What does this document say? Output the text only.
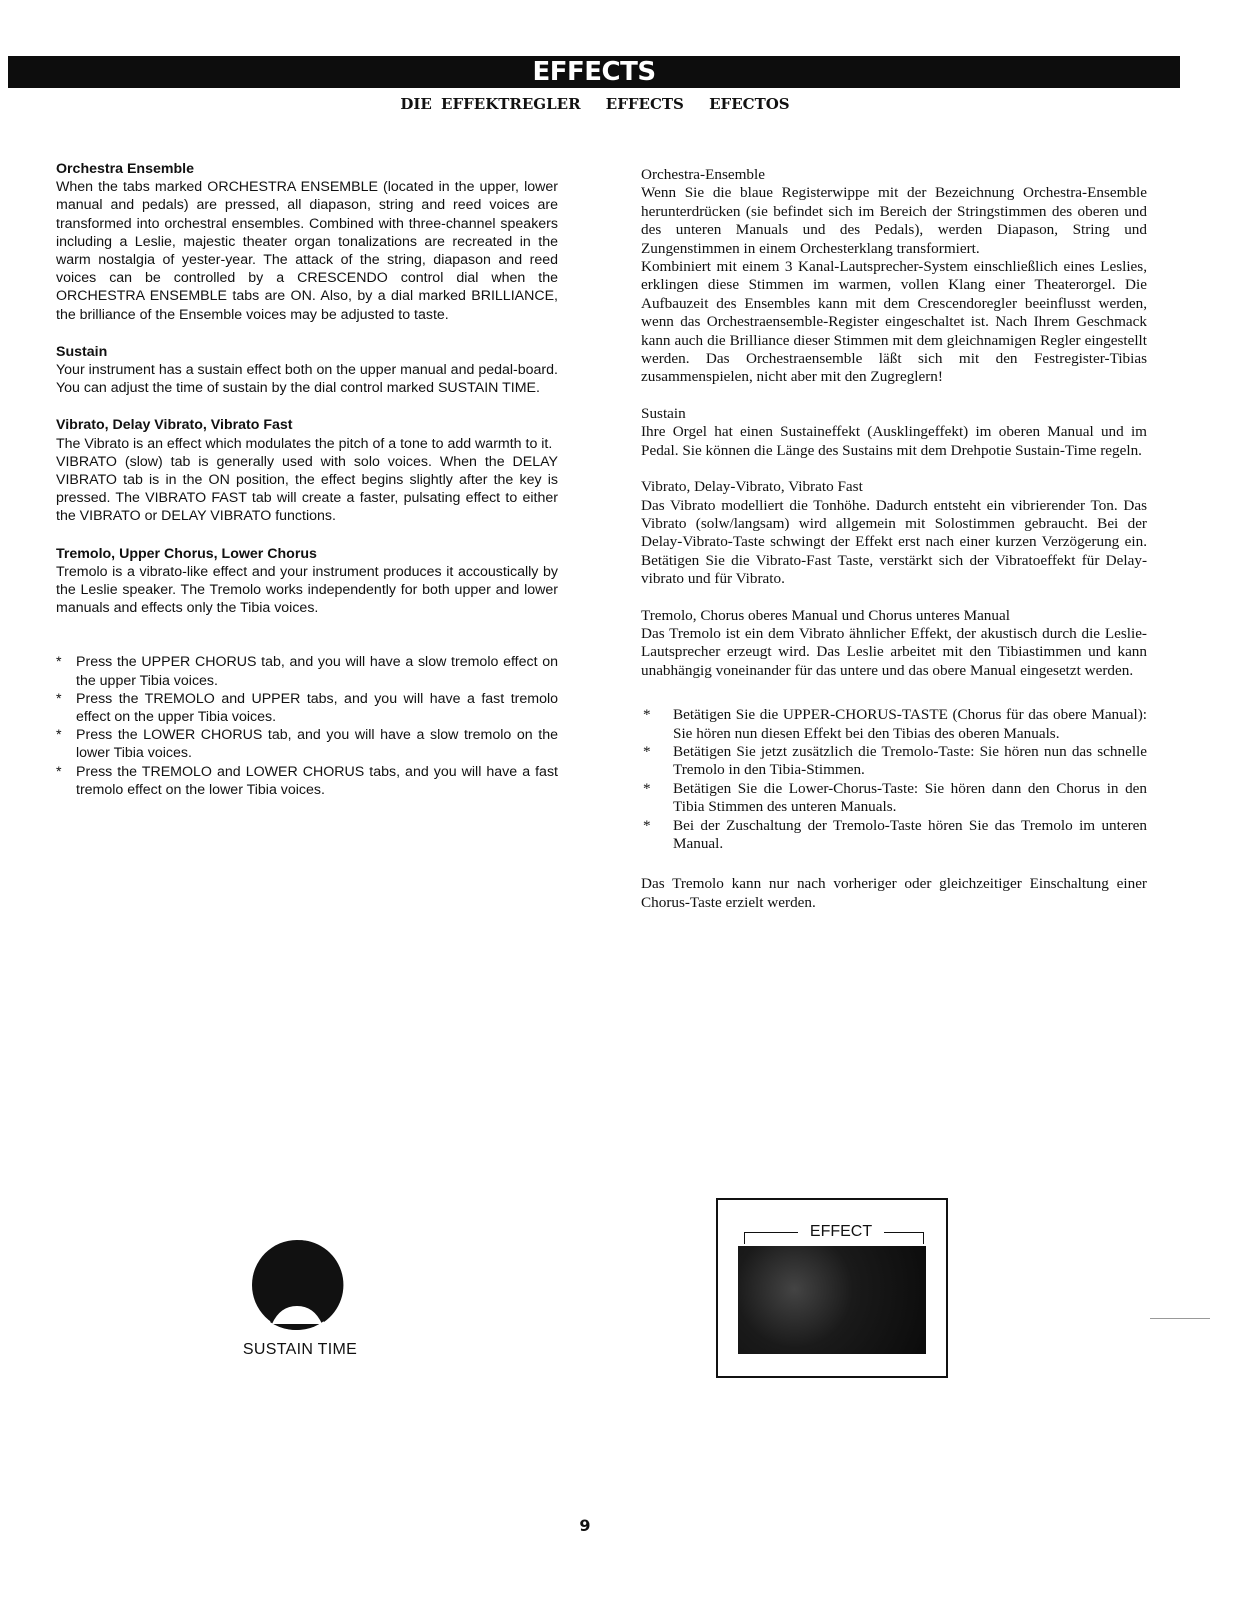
EFFECTS
DIE EFFEKTREGLER EFFECTS EFECTOS
Orchestra Ensemble

When the tabs marked ORCHESTRA ENSEMBLE (located in the upper, lower manual and pedals) are pressed, all diapason, string and reed voices are transformed into orchestral ensembles. Combined with three-channel speakers including a Leslie, majestic theater organ tonalizations are recreated in the warm nostalgia of yester-year. The attack of the string, diapason and reed voices can be controlled by a CRESCENDO control dial when the ORCHESTRA ENSEMBLE tabs are ON. Also, by a dial marked BRILLIANCE, the brilliance of the Ensemble voices may be adjusted to taste.

Sustain

Your instrument has a sustain effect both on the upper manual and pedal-board. You can adjust the time of sustain by the dial control marked SUSTAIN TIME.

Vibrato, Delay Vibrato, Vibrato Fast

The Vibrato is an effect which modulates the pitch of a tone to add warmth to it.

VIBRATO (slow) tab is generally used with solo voices. When the DELAY VIBRATO tab is in the ON position, the effect begins slightly after the key is pressed. The VIBRATO FAST tab will create a faster, pulsating effect to either the VIBRATO or DELAY VIBRATO functions.

Tremolo, Upper Chorus, Lower Chorus

Tremolo is a vibrato-like effect and your instrument produces it accoustically by the Leslie speaker. The Tremolo works independently for both upper and lower manuals and effects only the Tibia voices.

* Press the UPPER CHORUS tab, and you will have a slow tremolo effect on the upper Tibia voices.
* Press the TREMOLO and UPPER tabs, and you will have a fast tremolo effect on the upper Tibia voices.
* Press the LOWER CHORUS tab, and you will have a slow tremolo on the lower Tibia voices.
* Press the TREMOLO and LOWER CHORUS tabs, and you will have a fast tremolo effect on the lower Tibia voices.
Orchestra-Ensemble

Wenn Sie die blaue Registerwippe mit der Bezeichnung Orchestra-Ensemble herunterdrücken (sie befindet sich im Bereich der Stringstimmen des oberen und des unteren Manuals und des Pedals), werden Diapason, String und Zungenstimmen in einem Orchesterklang transformiert.

Kombiniert mit einem 3 Kanal-Lautsprecher-System einschließlich eines Leslies, erklingen diese Stimmen im warmen, vollen Klang einer Theaterorgel. Die Aufbauzeit des Ensembles kann mit dem Crescendoregler beeinflusst werden, wenn das Orchestraensemble-Register eingeschaltet ist. Nach Ihrem Geschmack kann auch die Brilliance dieser Stimmen mit dem gleichnamigen Regler eingestellt werden. Das Orchestraensemble läßt sich mit den Festregister-Tibias zusammenspielen, nicht aber mit den Zugreglern!

Sustain

Ihre Orgel hat einen Sustaineffekt (Ausklingeffekt) im oberen Manual und im Pedal. Sie können die Länge des Sustains mit dem Drehpotie Sustain-Time regeln.

Vibrato, Delay-Vibrato, Vibrato Fast

Das Vibrato modelliert die Tonhöhe. Dadurch entsteht ein vibrierender Ton. Das Vibrato (solw/langsam) wird allgemein mit Solostimmen gebraucht. Bei der Delay-Vibrato-Taste schwingt der Effekt erst nach einer kurzen Verzögerung ein. Betätigen Sie die Vibrato-Fast Taste, verstärkt sich der Vibratoeffekt für Delay-vibrato und für Vibrato.

Tremolo, Chorus oberes Manual und Chorus unteres Manual

Das Tremolo ist ein dem Vibrato ähnlicher Effekt, der akustisch durch die Leslie-Lautsprecher erzeugt wird. Das Leslie arbeitet mit den Tibiastimmen und kann unabhängig voneinander für das untere und das obere Manual eingesetzt werden.

* Betätigen Sie die UPPER-CHORUS-TASTE (Chorus für das obere Manual): Sie hören nun diesen Effekt bei den Tibias des oberen Manuals.
* Betätigen Sie jetzt zusätzlich die Tremolo-Taste: Sie hören nun das schnelle Tremolo in den Tibia-Stimmen.
* Betätigen Sie die Lower-Chorus-Taste: Sie hören dann den Chorus in den Tibia Stimmen des unteren Manuals.
* Bei der Zuschaltung der Tremolo-Taste hören Sie das Tremolo im unteren Manual.

Das Tremolo kann nur nach vorheriger oder gleichzeitiger Einschaltung einer Chorus-Taste erzielt werden.

SUSTAIN TIME
EFFECT
9
